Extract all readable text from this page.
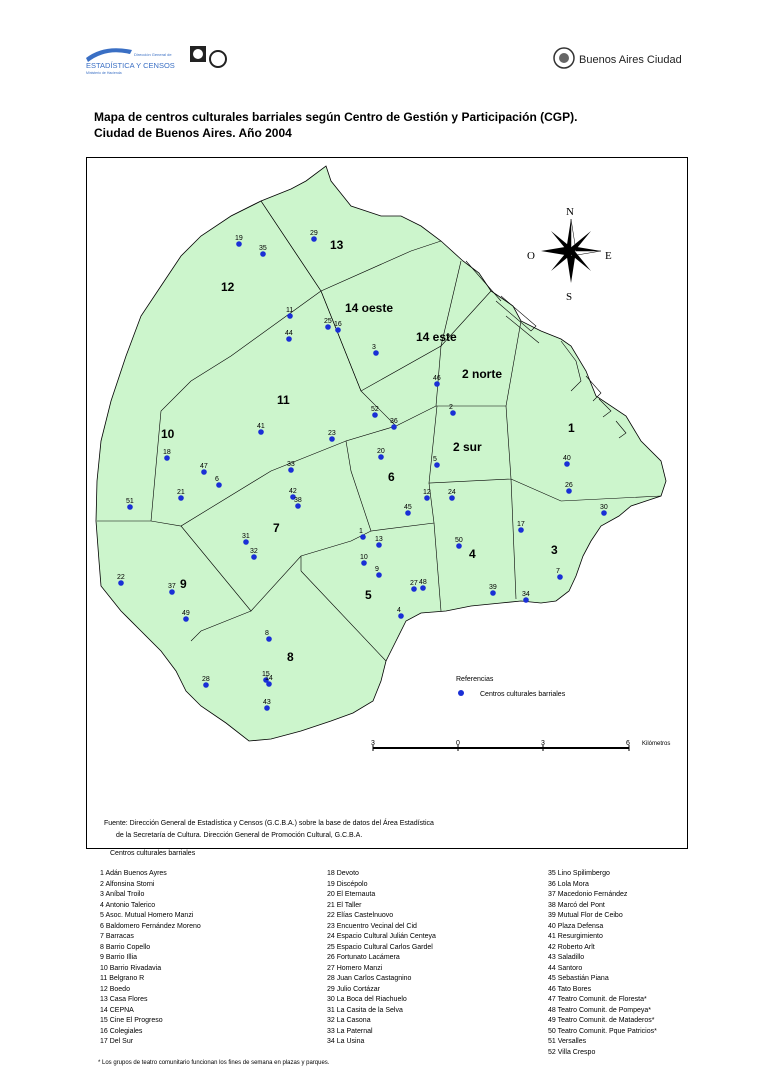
Dirección General de
ESTADÍSTICA Y CENSOS
Ministerio de Hacienda
Buenos Aires Ciudad
Mapa de centros culturales barriales según Centro de Gestión y Participación (CGP).
Ciudad de Buenos Aires. Año 2004
13
12
14 oeste
14 este
2 norte
11
10
2 sur
1
6
7
4	3
9
5
8
29
19
35
11
16
25
44
3
46
52	2
36
41
23
20
18
47
6
33
5
12 24
21	42
38
40
26
51
45	30
17
31
1
13	50
32
10
9
22
37	27 48
39
34
49	4
8
15
14
28
43
7
N
S
E
O
Referencias
Centros culturales barriales
3	0	3	6 Kilómetros
Fuente: Dirección General de Estadística y Censos (G.C.B.A.) sobre la base de datos del Área Estadística
de la Secretaría de Cultura. Dirección General de Promoción Cultural, G.C.B.A.
Centros culturales barriales
1 Adán Buenos Ayres
2 Alfonsina Storni
3 Aníbal Troilo
4 Antonio Talerico
5 Asoc. Mutual Homero Manzi
6 Baldomero Fernández Moreno
7 Barracas
8 Barrio Copello
9 Barrio Illia
10 Barrio Rivadavia
11 Belgrano R
12 Boedo
13 Casa Flores
14 CEPNA
15 Cine El Progreso
16 Colegiales
17 Del Sur
18 Devoto
19 Discépolo
20 El Eternauta
21 El Taller
22 Elías Castelnuovo
23 Encuentro Vecinal del Cid
24 Espacio Cultural Julián Centeya
25 Espacio Cultural Carlos Gardel
26 Fortunato Lacámera
27 Homero Manzi
28 Juan Carlos Castagnino
29 Julio Cortázar
30 La Boca del Riachuelo
31 La Casita de la Selva
32 La Casona
33 La Paternal
34 La Usina
35 Lino Spilimbergo
36 Lola Mora
37 Macedonio Fernández
38 Marcó del Pont
39 Mutual Flor de Ceibo
40 Plaza Defensa
41 Resurgimiento
42 Roberto Arlt
43 Saladillo
44 Santoro
45 Sebastián Piana
46 Tato Bores
47 Teatro Comunit. de Floresta*
48 Teatro Comunit. de Pompeya*
49 Teatro Comunit. de Mataderos*
50 Teatro Comunit. Pque Patricios*
51 Versalles
52 Villa Crespo
* Los grupos de teatro comunitario funcionan los fines de semana en plazas y parques.
